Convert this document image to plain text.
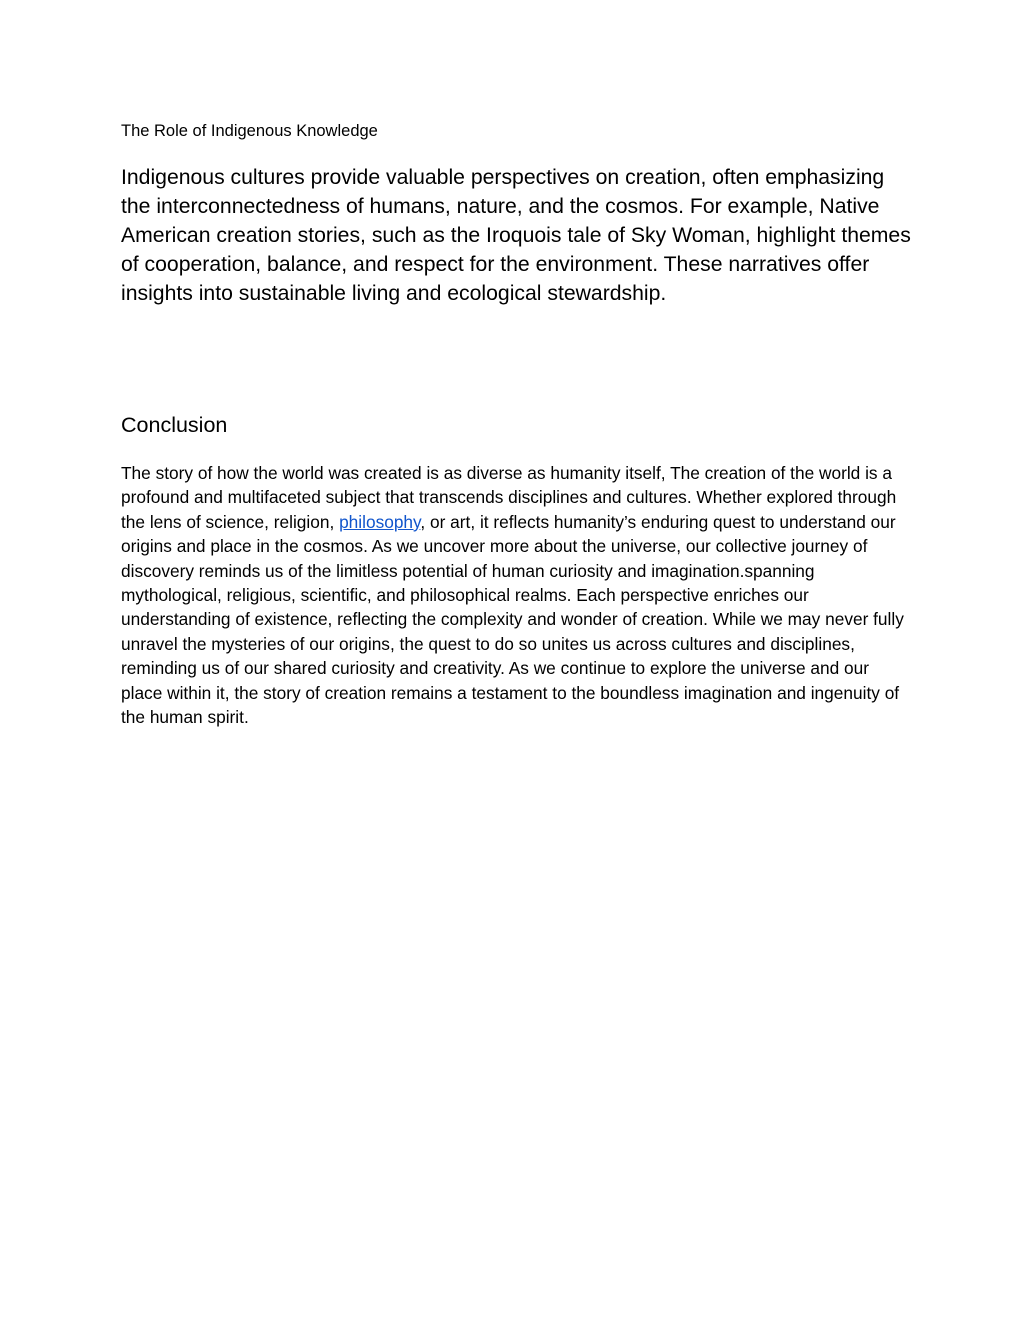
The Role of Indigenous Knowledge

Indigenous cultures provide valuable perspectives on creation, often emphasizing the interconnectedness of humans, nature, and the cosmos. For example, Native American creation stories, such as the Iroquois tale of Sky Woman, highlight themes of cooperation, balance, and respect for the environment. These narratives offer insights into sustainable living and ecological stewardship.

Conclusion

The story of how the world was created is as diverse as humanity itself, The creation of the world is a profound and multifaceted subject that transcends disciplines and cultures. Whether explored through the lens of science, religion, philosophy, or art, it reflects humanity’s enduring quest to understand our origins and place in the cosmos. As we uncover more about the universe, our collective journey of discovery reminds us of the limitless potential of human curiosity and imagination.spanning mythological, religious, scientific, and philosophical realms. Each perspective enriches our understanding of existence, reflecting the complexity and wonder of creation. While we may never fully unravel the mysteries of our origins, the quest to do so unites us across cultures and disciplines, reminding us of our shared curiosity and creativity. As we continue to explore the universe and our place within it, the story of creation remains a testament to the boundless imagination and ingenuity of the human spirit.
